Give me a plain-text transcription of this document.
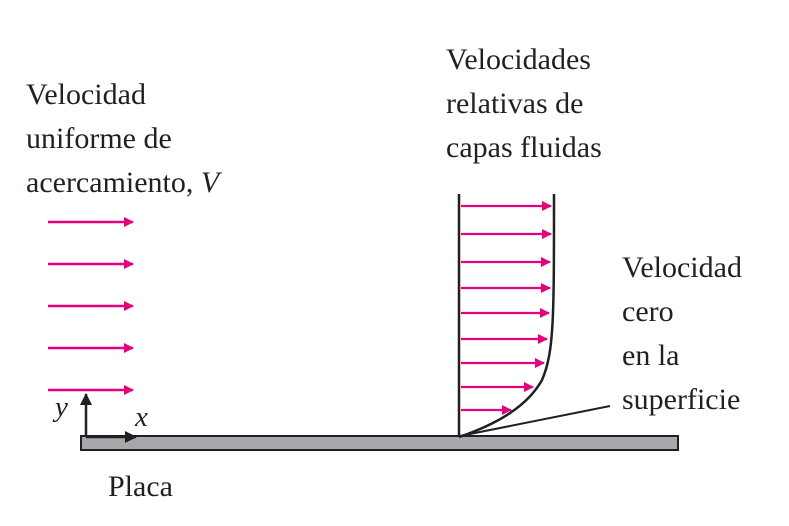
Velocidad
uniforme de
acercamiento, V
Velocidades
relativas de
capas fluidas
Velocidad
cero
en la
superficie
Placa
y x
